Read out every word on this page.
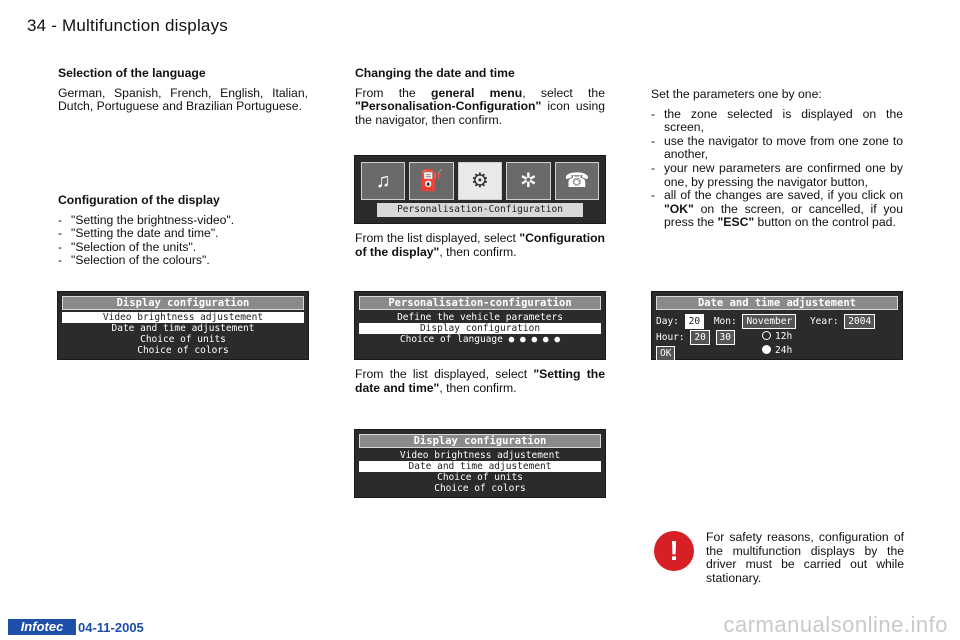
34 - Multifunction displays

Selection of the language

German, Spanish, French, English, Italian, Dutch, Portuguese and Brazilian Portuguese.

Configuration of the display

- "Setting the brightness-video".
- "Setting the date and time".
- "Selection of the units".
- "Selection of the colours".
Display configuration
Video brightness adjustement
Date and time adjustement
Choice of units
Choice of colors

Changing the date and time

From the general menu, select the "Personalisation-Configuration" icon using the navigator, then confirm.

♫ ⛽ ⚙ ✲ ☎
Personalisation-Configuration

From the list displayed, select "Configuration of the display", then confirm.

Personalisation-configuration
Define the vehicle parameters
Display configuration
Choice of language ● ● ● ● ●

From the list displayed, select "Setting the date and time", then confirm.

Display configuration
Video brightness adjustement
Date and time adjustement
Choice of units
Choice of colors

Set the parameters one by one:

- the zone selected is displayed on the screen,
- use the navigator to move from one zone to another,
- your new parameters are confirmed one by one, by pressing the navigator button,
- all of the changes are saved, if you click on "OK" on the screen, or cancelled, if you press the "ESC" button on the control pad.
Date and time adjustement
Day: 20 Mon: November Year: 2004
Hour: 20 30	12h
24h
OK
!	For safety reasons, configuration of the multifunction displays by the driver must be carried out while stationary.
Infotec	04-11-2005	carmanualsonline.info
